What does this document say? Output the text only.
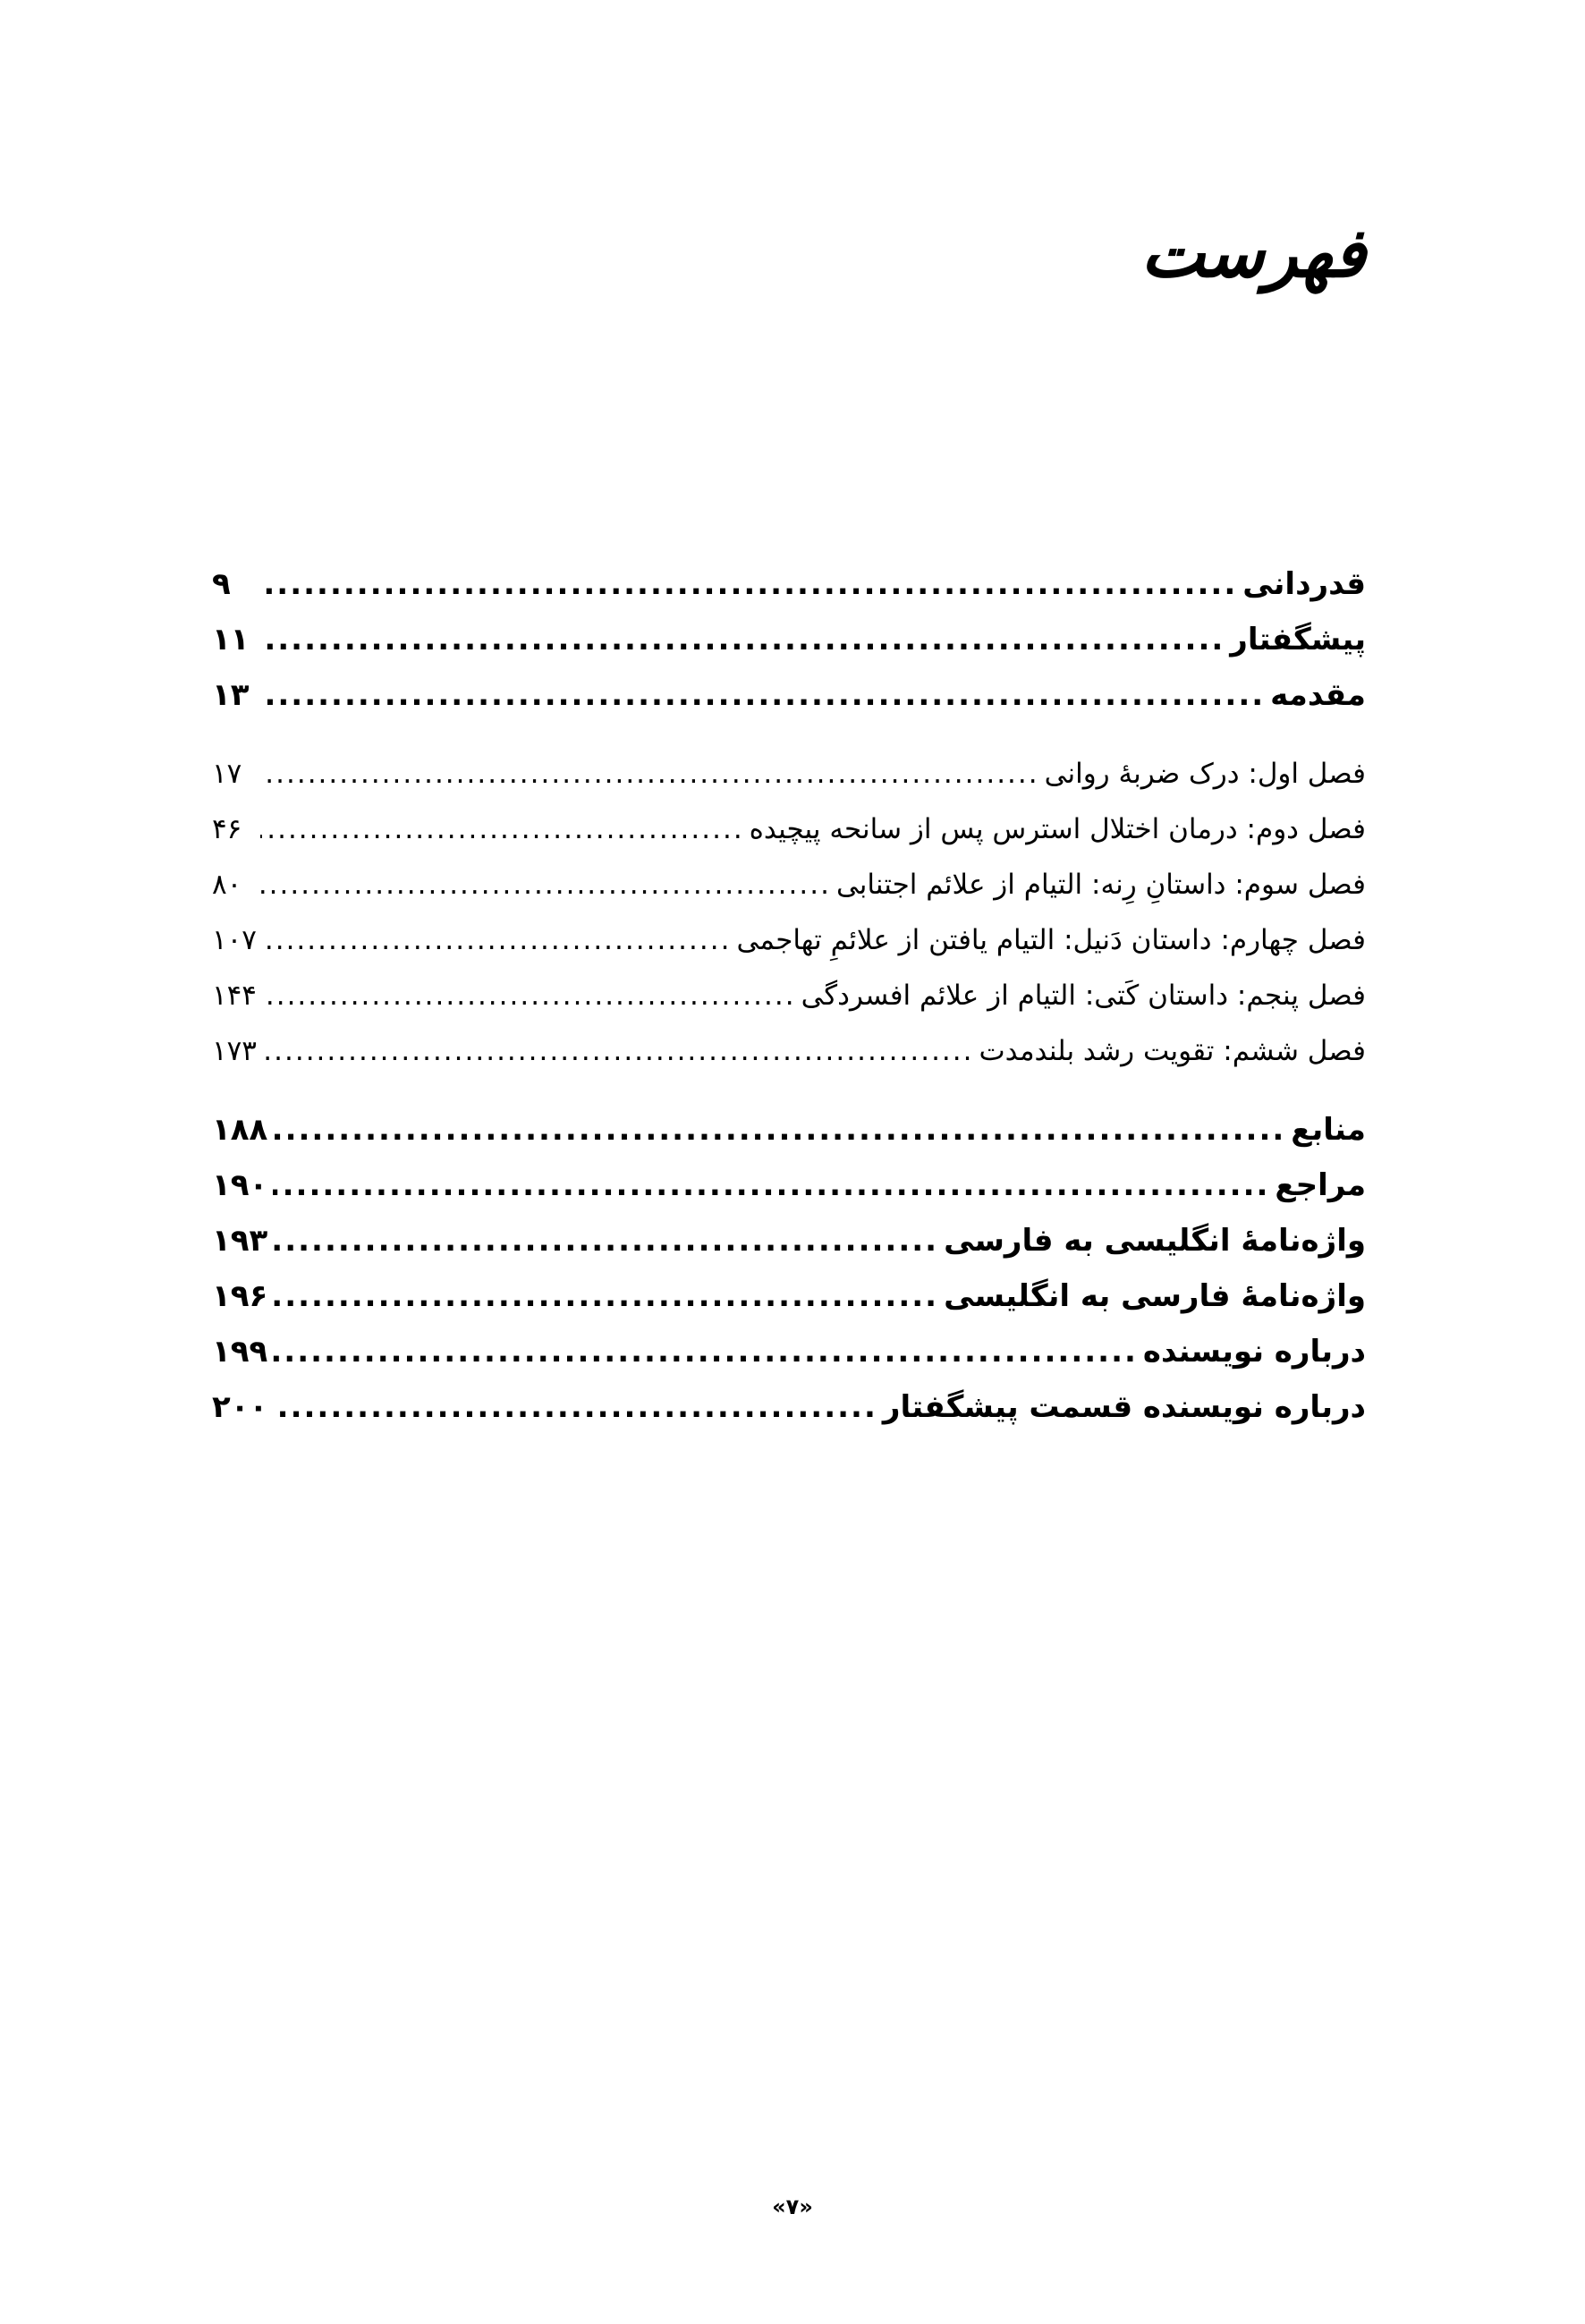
فهرست
قدردانی
.....
۹
پیشگفتار
.....
۱۱
مقدمه
.....
۱۳
فصل اول: درک ضربهٔ روانی
.....
۱۷
فصل دوم: درمان اختلال استرس پس از سانحه پیچیده
.....
۴۶
فصل سوم: داستانِ رِنه: التیام از علائم اجتنابی
.....
۸۰
فصل چهارم: داستان دَنیل: التیام یافتن از علائمِ تهاجمی
.....
۱۰۷
فصل پنجم: داستان کَتی: التیام از علائم افسردگی
.....
۱۴۴
فصل ششم: تقویت رشد بلندمدت
.....
۱۷۳
منابع
.....
۱۸۸
مراجع
.....
۱۹۰
واژه‌نامهٔ انگلیسی به فارسی
.....
۱۹۳
واژه‌نامهٔ فارسی به انگلیسی
.....
۱۹۶
درباره نویسنده
.....
۱۹۹
درباره نویسنده قسمت پیشگفتار
.....
۲۰۰
«۷»
